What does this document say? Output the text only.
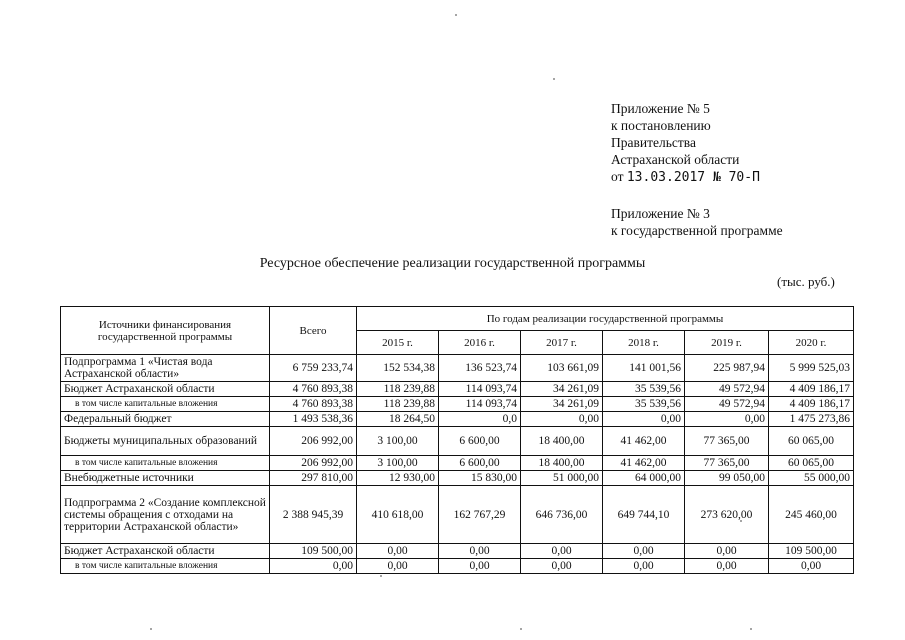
Приложение № 5
к постановлению
Правительства
Астраханской области
от 13.03.2017 № 70-П
Приложение № 3
к государственной программе
Ресурсное обеспечение реализации государственной программы
(тыс. руб.)
Источники финансирования государственной программы	Всего	По годам реализации государственной программы					
		2015 г.	2016 г.	2017 г.	2018 г.	2019 г.	2020 г.
Подпрограмма 1 «Чистая вода Астраханской области»	6 759 233,74	152 534,38	136 523,74	103 661,09	141 001,56	225 987,94	5 999 525,03
Бюджет Астраханской области	4 760 893,38	118 239,88	114 093,74	34 261,09	35 539,56	49 572,94	4 409 186,17
в том числе капитальные вложения	4 760 893,38	118 239,88	114 093,74	34 261,09	35 539,56	49 572,94	4 409 186,17
Федеральный бюджет	1 493 538,36	18 264,50	0,0	0,00	0,00	0,00	1 475 273,86
Бюджеты муниципальных образований	206 992,00	3 100,00	6 600,00	18 400,00	41 462,00	77 365,00	60 065,00
в том числе капитальные вложения	206 992,00	3 100,00	6 600,00	18 400,00	41 462,00	77 365,00	60 065,00
Внебюджетные источники	297 810,00	12 930,00	15 830,00	51 000,00	64 000,00	99 050,00	55 000,00
Подпрограмма 2 «Создание комплексной системы обращения с отходами на территории Астраханской области»	2 388 945,39	410 618,00	162 767,29	646 736,00	649 744,10	273 620,00	245 460,00
Бюджет Астраханской области	109 500,00	0,00	0,00	0,00	0,00	0,00	109 500,00
в том числе капитальные вложения	0,00	0,00	0,00	0,00	0,00	0,00	0,00
